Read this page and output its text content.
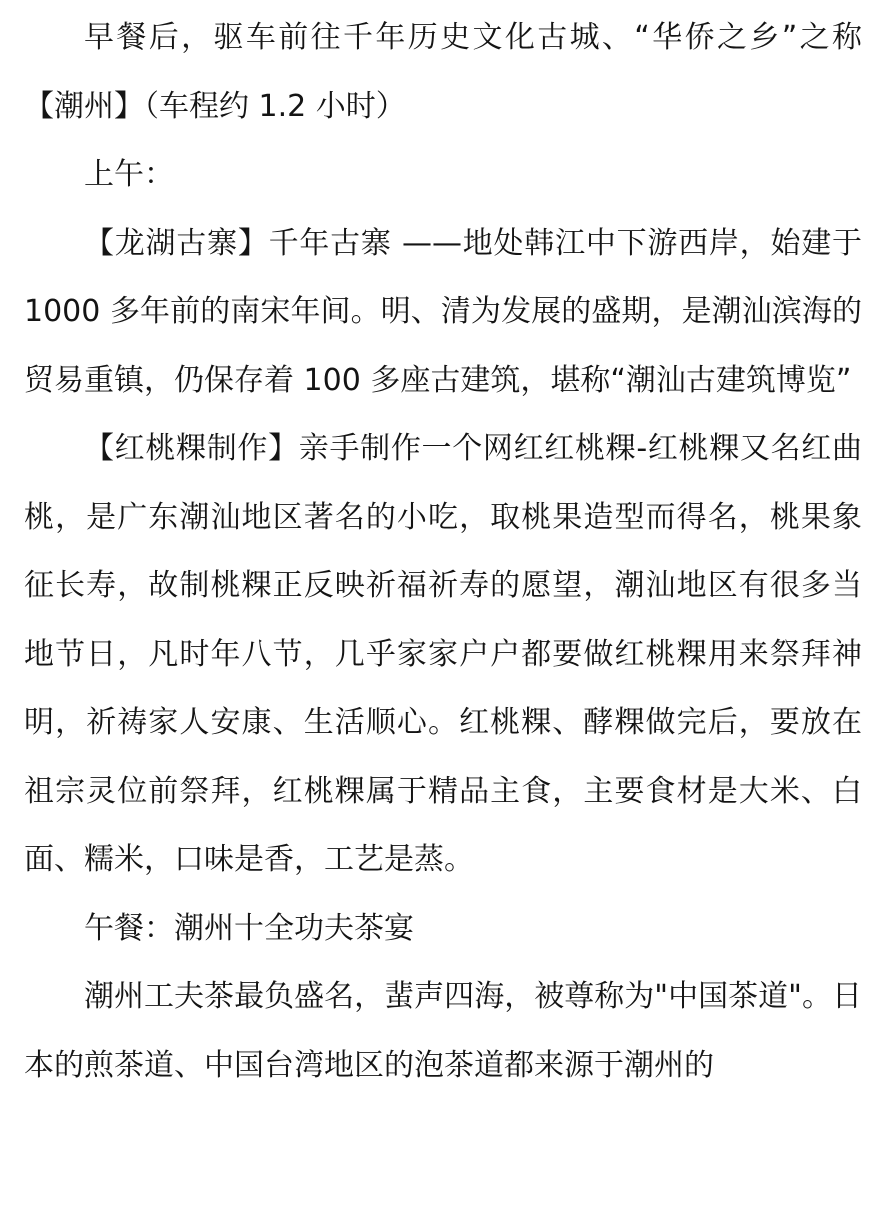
早餐后，驱车前往千年历史文化古城、“华侨之乡”之称【潮州】（车程约 1.2 小时）

上午：

【龙湖古寨】千年古寨 ——地处韩江中下游西岸，始建于 1000 多年前的南宋年间。明、清为发展的盛期，是潮汕滨海的贸易重镇，仍保存着 100 多座古建筑，堪称“潮汕古建筑博览”

【红桃粿制作】亲手制作一个网红红桃粿-红桃粿又名红曲桃，是广东潮汕地区著名的小吃，取桃果造型而得名，桃果象征长寿，故制桃粿正反映祈福祈寿的愿望，潮汕地区有很多当地节日，凡时年八节，几乎家家户户都要做红桃粿用来祭拜神明，祈祷家人安康、生活顺心。红桃粿、酵粿做完后，要放在祖宗灵位前祭拜，红桃粿属于精品主食，主要食材是大米、白面、糯米，口味是香，工艺是蒸。

午餐：潮州十全功夫茶宴

潮州工夫茶最负盛名，蜚声四海，被尊称为"中国茶道"。日本的煎茶道、中国台湾地区的泡茶道都来源于潮州的
